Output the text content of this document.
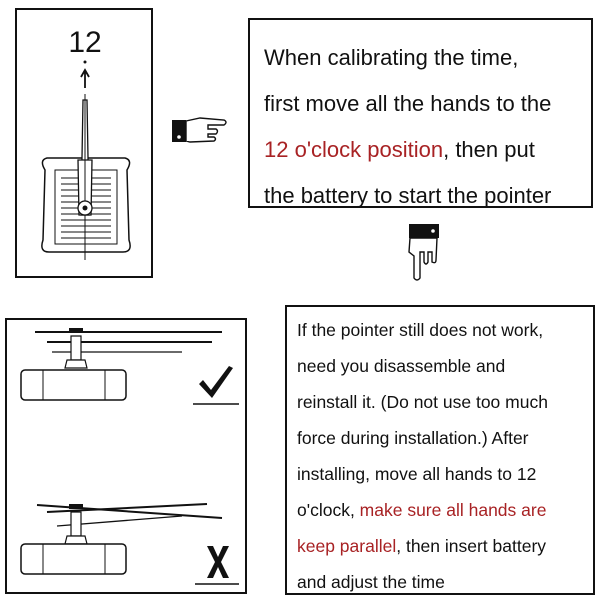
12	When calibrating the time,
first move all the hands to the
12 o'clock position, then put
the battery to start the pointer
If the pointer still does not work,
need you disassemble and
reinstall it. (Do not use too much
force during installation.) After
installing, move all hands to 12
o'clock, make sure all hands are
keep parallel, then insert battery
and adjust the time
